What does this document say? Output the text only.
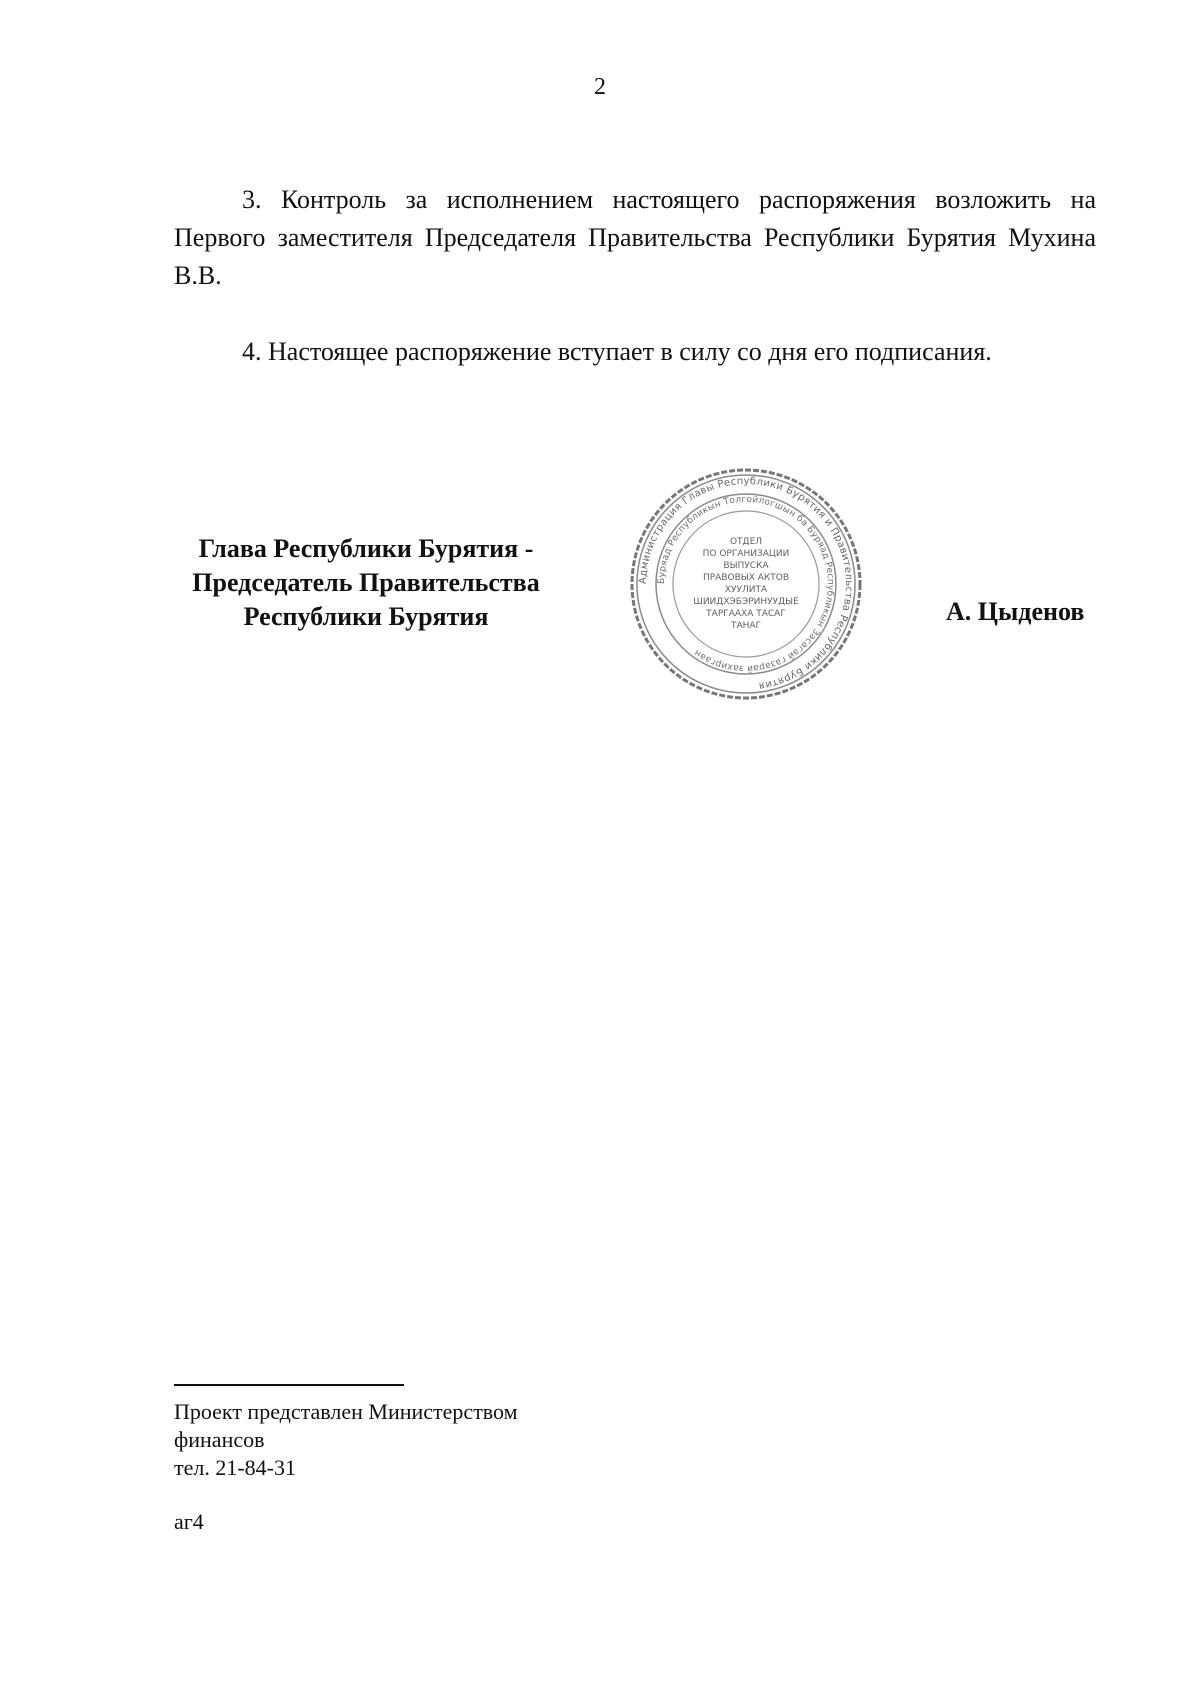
2

3. Контроль за исполнением настоящего распоряжения возложить на Первого заместителя Председателя Правительства Республики Бурятия Мухина В.В.

4. Настоящее распоряжение вступает в силу со дня его подписания.

Глава Республики Бурятия -
Председатель Правительства
Республики Бурятия
Администрация Главы Республики Бурятия и Правительства Республики Бурятия
Буряад Республикын Толгойлогшын ба Буряад Республикын Засагай газарай захиргаан
ОТДЕЛ
ПО ОРГАНИЗАЦИИ
ВЫПУСКА
ПРАВОВЫХ АКТОВ
ХУУЛИТА
ШИИДХЭБЭРИНУУДЫЕ
ТАРГААХА ТАСАГ
ТАНАГ	А. Цыденов
Проект представлен Министерством
финансов
тел. 21-84-31
аг4
